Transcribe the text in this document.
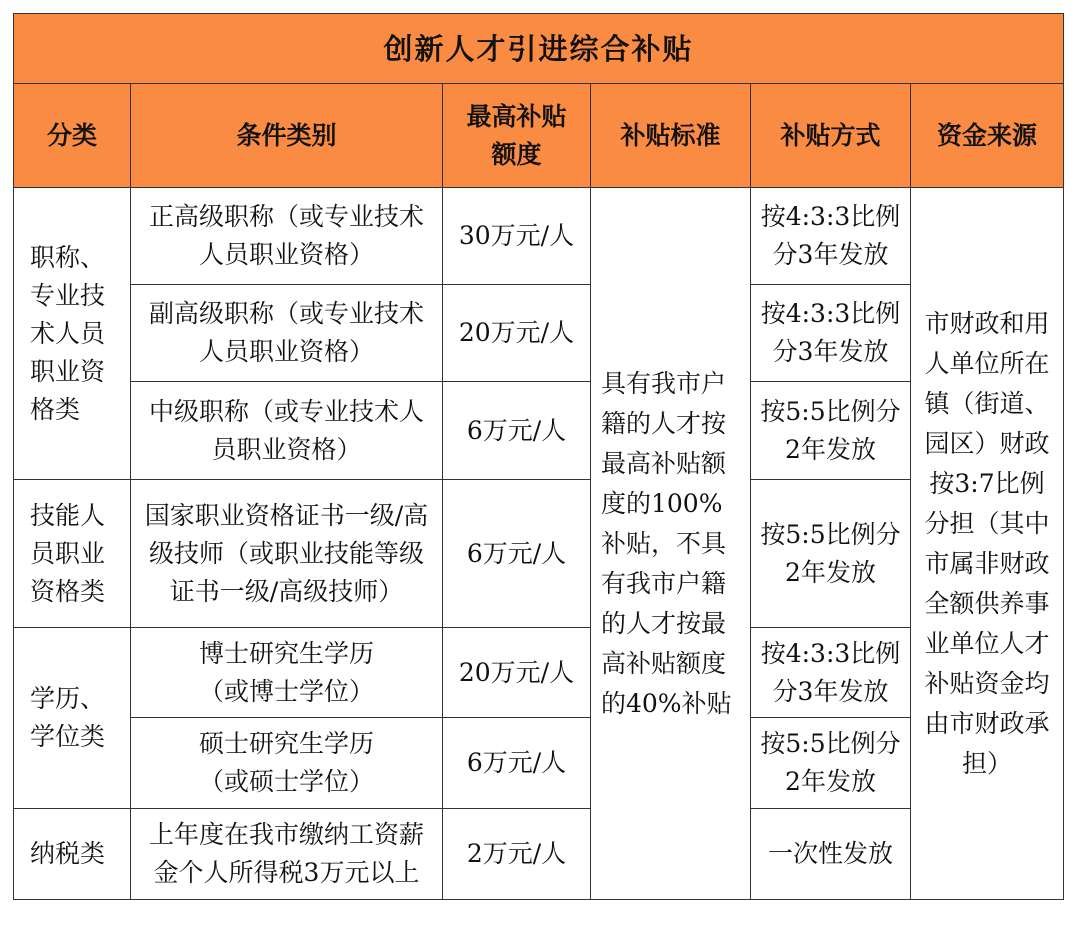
创新人才引进综合补贴					
分类	条件类别	最高补贴额度	补贴标准	补贴方式	资金来源
职称、专业技术人员职业资格类	正高级职称（或专业技术人员职业资格）	30万元/人	具有我市户籍的人才按最高补贴额度的100%补贴，不具有我市户籍的人才按最高补贴额度的40%补贴	按4:3:3比例分3年发放	市财政和用人单位所在镇（街道、园区）财政按3:7比例分担（其中市属非财政全额供养事业单位人才补贴资金均由市财政承担）
	副高级职称（或专业技术人员职业资格）	20万元/人		按4:3:3比例分3年发放	
	中级职称（或专业技术人员职业资格）	6万元/人		按5:5比例分2年发放	
技能人员职业资格类	国家职业资格证书一级/高级技师（或职业技能等级证书一级/高级技师）	6万元/人		按5:5比例分2年发放	
学历、学位类	博士研究生学历（或博士学位）	20万元/人		按4:3:3比例分3年发放	
	硕士研究生学历（或硕士学位）	6万元/人		按5:5比例分2年发放	
纳税类	上年度在我市缴纳工资薪金个人所得税3万元以上	2万元/人		一次性发放	
